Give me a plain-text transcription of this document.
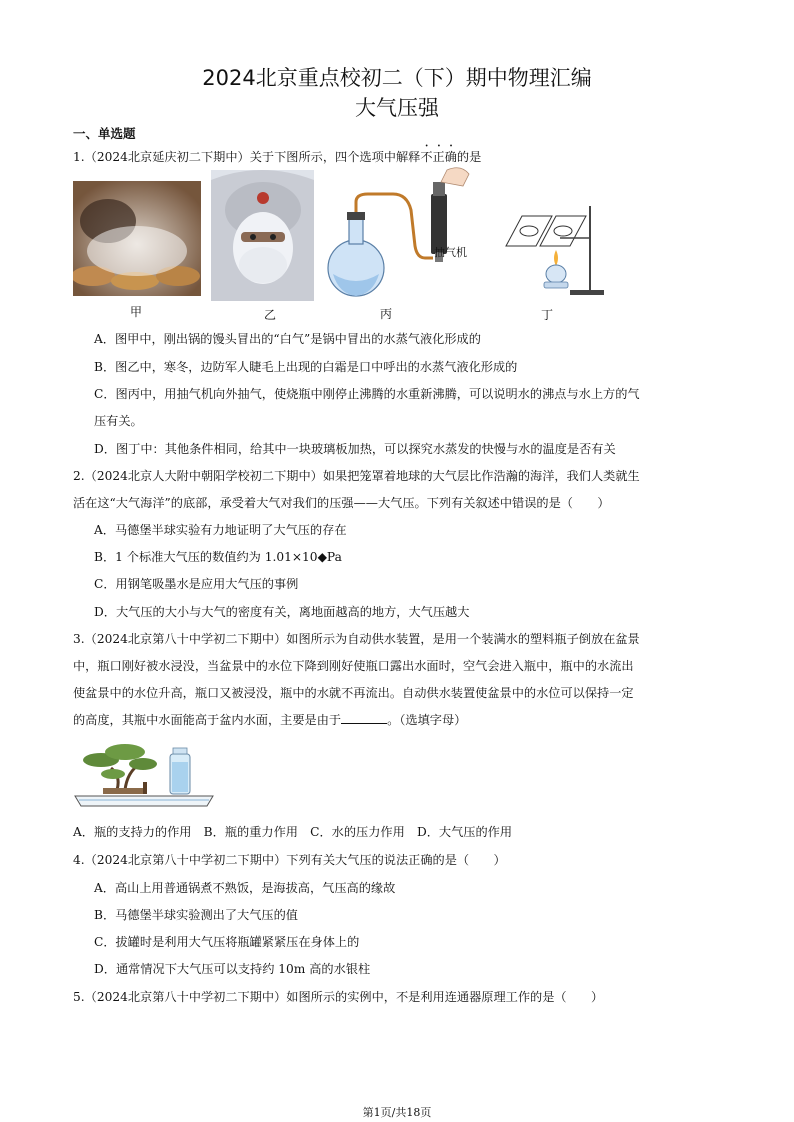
2024北京重点校初二（下）期中物理汇编
大气压强
一、单选题
1.（2024北京延庆初二下期中）关于下图所示，四个选项中解释不正确的是
甲	乙
抽气机
丙	丁
A．图甲中，刚出锅的馒头冒出的“白气”是锅中冒出的水蒸气液化形成的
B．图乙中，寒冬，边防军人睫毛上出现的白霜是口中呼出的水蒸气液化形成的
C．图丙中，用抽气机向外抽气，使烧瓶中刚停止沸腾的水重新沸腾，可以说明水的沸点与水上方的气
压有关。
D．图丁中：其他条件相同，给其中一块玻璃板加热，可以探究水蒸发的快慢与水的温度是否有关
2.（2024北京人大附中朝阳学校初二下期中）如果把笼罩着地球的大气层比作浩瀚的海洋，我们人类就生
活在这“大气海洋”的底部，承受着大气对我们的压强——大气压。下列有关叙述中错误的是（　　）
A．马德堡半球实验有力地证明了大气压的存在
B．1 个标准大气压的数值约为 1.01×10◆Pa
C．用钢笔吸墨水是应用大气压的事例
D．大气压的大小与大气的密度有关，离地面越高的地方，大气压越大
3.（2024北京第八十中学初二下期中）如图所示为自动供水装置，是用一个装满水的塑料瓶子倒放在盆景
中，瓶口刚好被水浸没，当盆景中的水位下降到刚好使瓶口露出水面时，空气会进入瓶中，瓶中的水流出
使盆景中的水位升高，瓶口又被浸没，瓶中的水就不再流出。自动供水装置使盆景中的水位可以保持一定
的高度，其瓶中水面能高于盆内水面，主要是由于	。（选填字母）
A．瓶的支持力的作用　B．瓶的重力作用　C．水的压力作用　D．大气压的作用
4.（2024北京第八十中学初二下期中）下列有关大气压的说法正确的是（　　）
A．高山上用普通锅煮不熟饭，是海拔高，气压高的缘故
B．马德堡半球实验测出了大气压的值
C．拔罐时是利用大气压将瓶罐紧紧压在身体上的
D．通常情况下大气压可以支持约 10m 高的水银柱
5.（2024北京第八十中学初二下期中）如图所示的实例中，不是利用连通器原理工作的是（　　）
第1页/共18页
